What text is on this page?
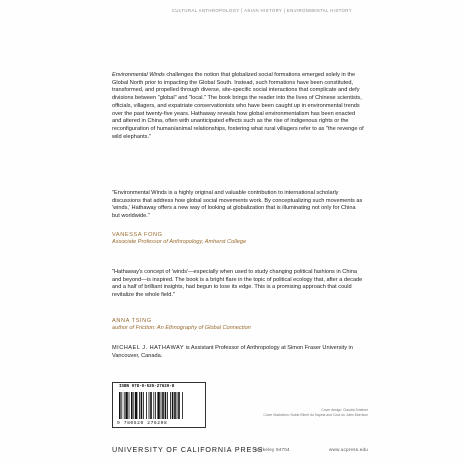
CULTURAL ANTHROPOLOGY | ASIAN HISTORY | ENVIRONMENTAL HISTORY
Environmental Winds challenges the notion that globalized social formations emerged solely in the Global North prior to impacting the Global South. Instead, such formations have been constituted, transformed, and propelled through diverse, site-specific social interactions that complicate and defy divisions between "global" and "local." The book brings the reader into the lives of Chinese scientists, officials, villagers, and expatriate conservationists who have been caught up in environmental trends over the past twenty-five years. Hathaway reveals how global environmentalism has been enacted and altered in China, often with unanticipated effects such as the rise of indigenous rights or the reconfiguration of human/animal relationships, fostering what rural villagers refer to as "the revenge of wild elephants."
"Environmental Winds is a highly original and valuable contribution to international scholarly discussions that address how global social movements work. By conceptualizing such movements as 'winds,' Hathaway offers a new way of looking at globalization that is illuminating not only for China but worldwide."
VANESSA FONG
Associate Professor of Anthropology, Amherst College
"Hathaway's concept of 'winds'—especially when used to study changing political fashions in China and beyond—is inspired. The book is a bright flare in the topic of political ecology that, after a decade and a half of brilliant insights, had begun to lose its edge. This is a promising approach that could revitalize the whole field."
ANNA TSING
author of Friction: An Ethnography of Global Connection
MICHAEL J. HATHAWAY is Assistant Professor of Anthropology at Simon Fraser University in Vancouver, Canada.
ISBN 978-0-520-27620-8
9 780520 276208
Cover design: Claudia Smelser
Cover illustration: Noble Elbert du Kapela and Cora du Jules Morrison
UNIVERSITY OF CALIFORNIA PRESS
Berkeley 94704	www.ucpress.edu
